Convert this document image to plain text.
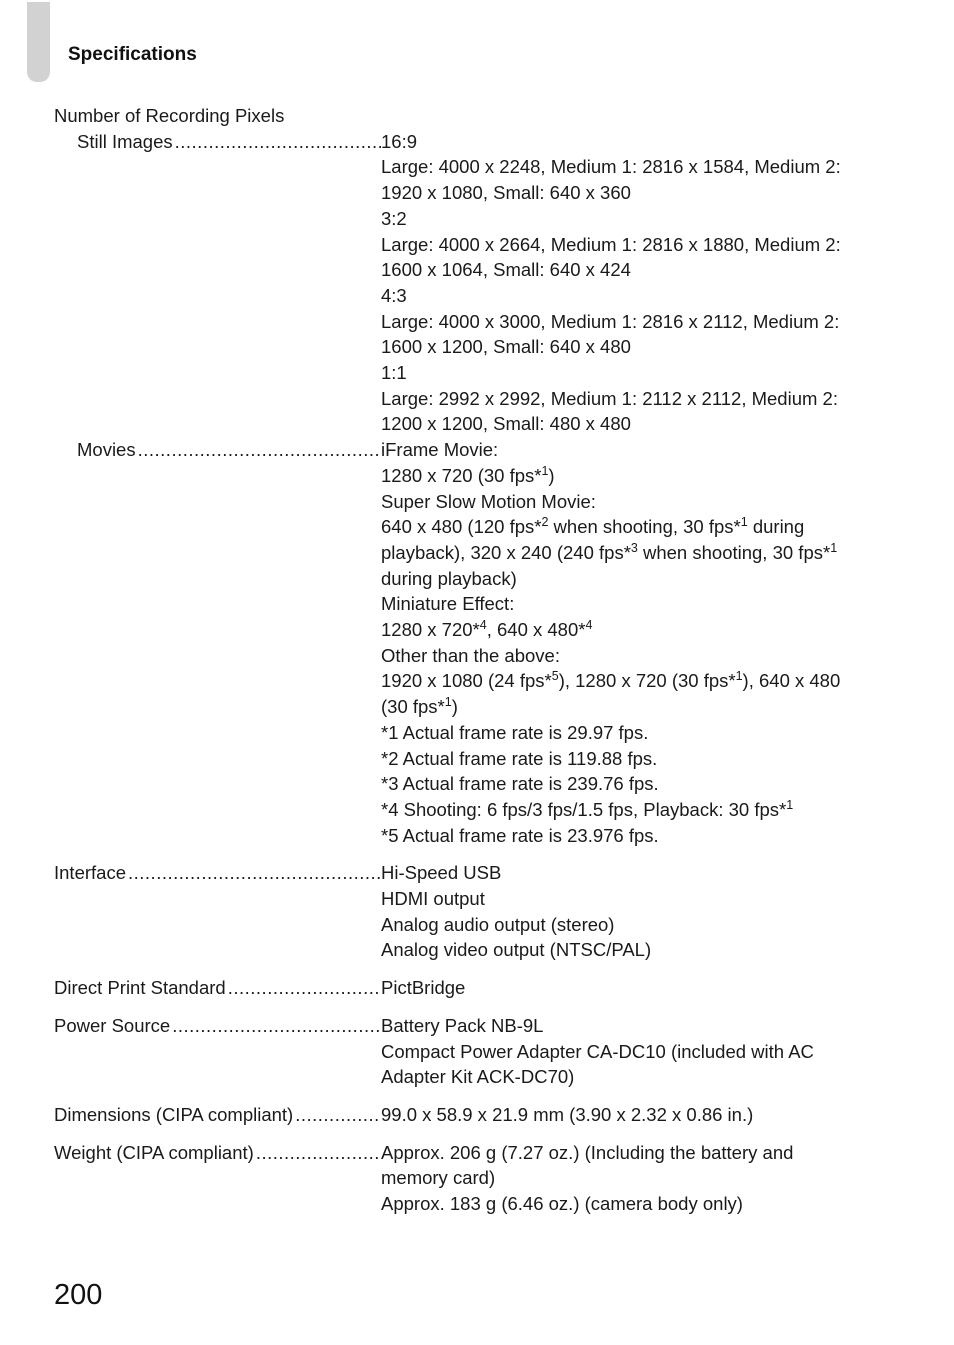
Specifications
Number of Recording Pixels
Still Images .....	16:9
Large: 4000 x 2248, Medium 1: 2816 x 1584, Medium 2:
1920 x 1080, Small: 640 x 360
3:2
Large: 4000 x 2664, Medium 1: 2816 x 1880, Medium 2:
1600 x 1064, Small: 640 x 424
4:3
Large: 4000 x 3000, Medium 1: 2816 x 2112, Medium 2:
1600 x 1200, Small: 640 x 480
1:1
Large: 2992 x 2992, Medium 1: 2112 x 2112, Medium 2:
1200 x 1200, Small: 480 x 480
Movies .....	iFrame Movie:
1280 x 720 (30 fps*$^1$)
Super Slow Motion Movie:
640 x 480 (120 fps*$^2$ when shooting, 30 fps*$^1$ during
playback), 320 x 240 (240 fps*$^3$ when shooting, 30 fps*$^1$
during playback)
Miniature Effect:
1280 x 720*$^4$, 640 x 480*$^4$
Other than the above:
1920 x 1080 (24 fps*$^5$), 1280 x 720 (30 fps*$^1$), 640 x 480
(30 fps*$^1$)
*1 Actual frame rate is 29.97 fps.
*2 Actual frame rate is 119.88 fps.
*3 Actual frame rate is 239.76 fps.
*4 Shooting: 6 fps/3 fps/1.5 fps, Playback: 30 fps*$^1$
*5 Actual frame rate is 23.976 fps.
Interface .....	Hi-Speed USB
HDMI output
Analog audio output (stereo)
Analog video output (NTSC/PAL)
Direct Print Standard .....	PictBridge
Power Source .....	Battery Pack NB-9L
Compact Power Adapter CA-DC10 (included with AC
Adapter Kit ACK-DC70)
Dimensions (CIPA compliant) .....	99.0 x 58.9 x 21.9 mm (3.90 x 2.32 x 0.86 in.)
Weight (CIPA compliant) .....	Approx. 206 g (7.27 oz.) (Including the battery and
memory card)
Approx. 183 g (6.46 oz.) (camera body only)
200
